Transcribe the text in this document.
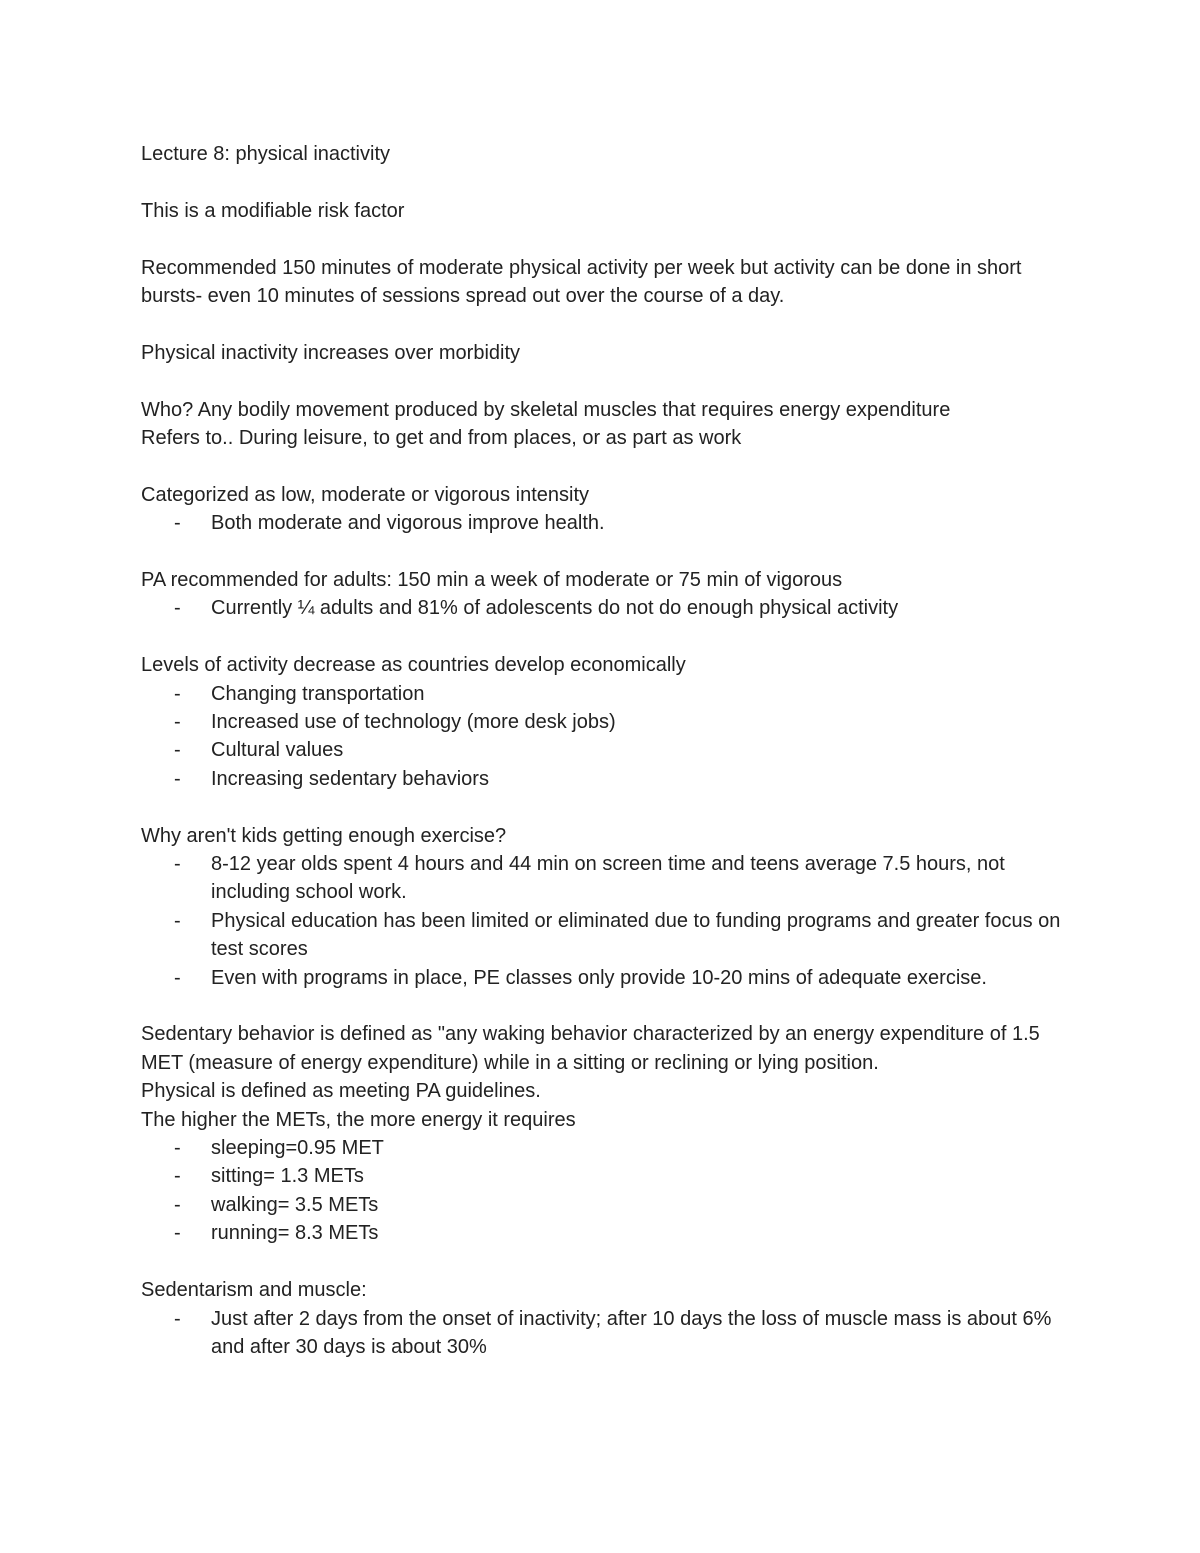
Lecture 8: physical inactivity

This is a modifiable risk factor

Recommended 150 minutes of moderate physical activity per week but activity can be done in short bursts- even 10 minutes of sessions spread out over the course of a day.

Physical inactivity increases over morbidity

Who? Any bodily movement produced by skeletal muscles that requires energy expenditure

Refers to.. During leisure, to get and from places, or as part as work

Categorized as low, moderate or vigorous intensity

- Both moderate and vigorous improve health.

PA recommended for adults: 150 min a week of moderate or 75 min of vigorous

- Currently ¼ adults and 81% of adolescents do not do enough physical activity

Levels of activity decrease as countries develop economically

- Changing transportation
- Increased use of technology (more desk jobs)
- Cultural values
- Increasing sedentary behaviors

Why aren't kids getting enough exercise?

- 8-12 year olds spent 4 hours and 44 min on screen time and teens average 7.5 hours, not including school work.
- Physical education has been limited or eliminated due to funding programs and greater focus on test scores
- Even with programs in place, PE classes only provide 10-20 mins of adequate exercise.

Sedentary behavior is defined as "any waking behavior characterized by an energy expenditure of 1.5 MET (measure of energy expenditure) while in a sitting or reclining or lying position.

Physical is defined as meeting PA guidelines.

The higher the METs, the more energy it requires

- sleeping=0.95 MET
- sitting= 1.3 METs
- walking= 3.5 METs
- running= 8.3 METs

Sedentarism and muscle:

- Just after 2 days from the onset of inactivity; after 10 days the loss of muscle mass is about 6% and after 30 days is about 30%
